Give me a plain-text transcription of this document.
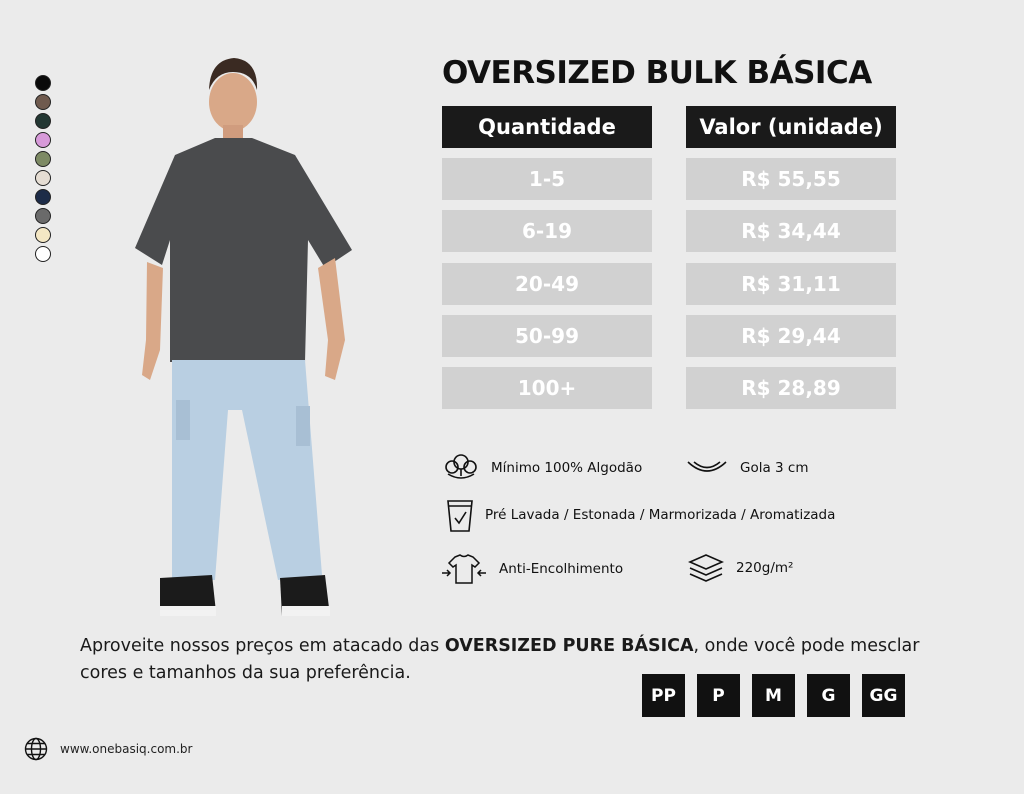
OVERSIZED BULK BÁSICA
Quantidade	Valor (unidade)
1-5	R$ 55,55
6-19	R$ 34,44
20-49	R$ 31,11
50-99	R$ 29,44
100+	R$ 28,89
Mínimo 100% Algodão	Gola 3 cm
Pré Lavada / Estonada / Marmorizada / Aromatizada
Anti-Encolhimento	220g/m²
Aproveite nossos preços em atacado das OVERSIZED PURE BÁSICA, onde você pode mesclar cores e tamanhos da sua preferência.
PP	P	M	G	GG
www.onebasiq.com.br
